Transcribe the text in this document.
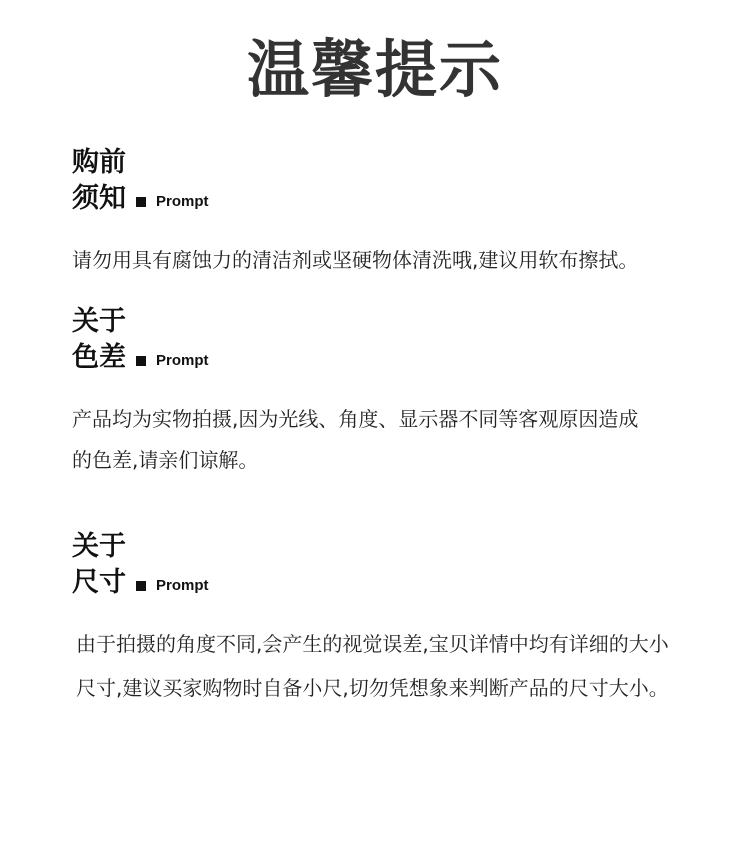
温馨提示
购前
须知 Prompt
请勿用具有腐蚀力的清洁剂或坚硬物体清洗哦,建议用软布擦拭。
关于
色差 Prompt
产品均为实物拍摄,因为光线、角度、显示器不同等客观原因造成
的色差,请亲们谅解。
关于
尺寸 Prompt
由于拍摄的角度不同,会产生的视觉误差,宝贝详情中均有详细的大小
尺寸,建议买家购物时自备小尺,切勿凭想象来判断产品的尺寸大小。
